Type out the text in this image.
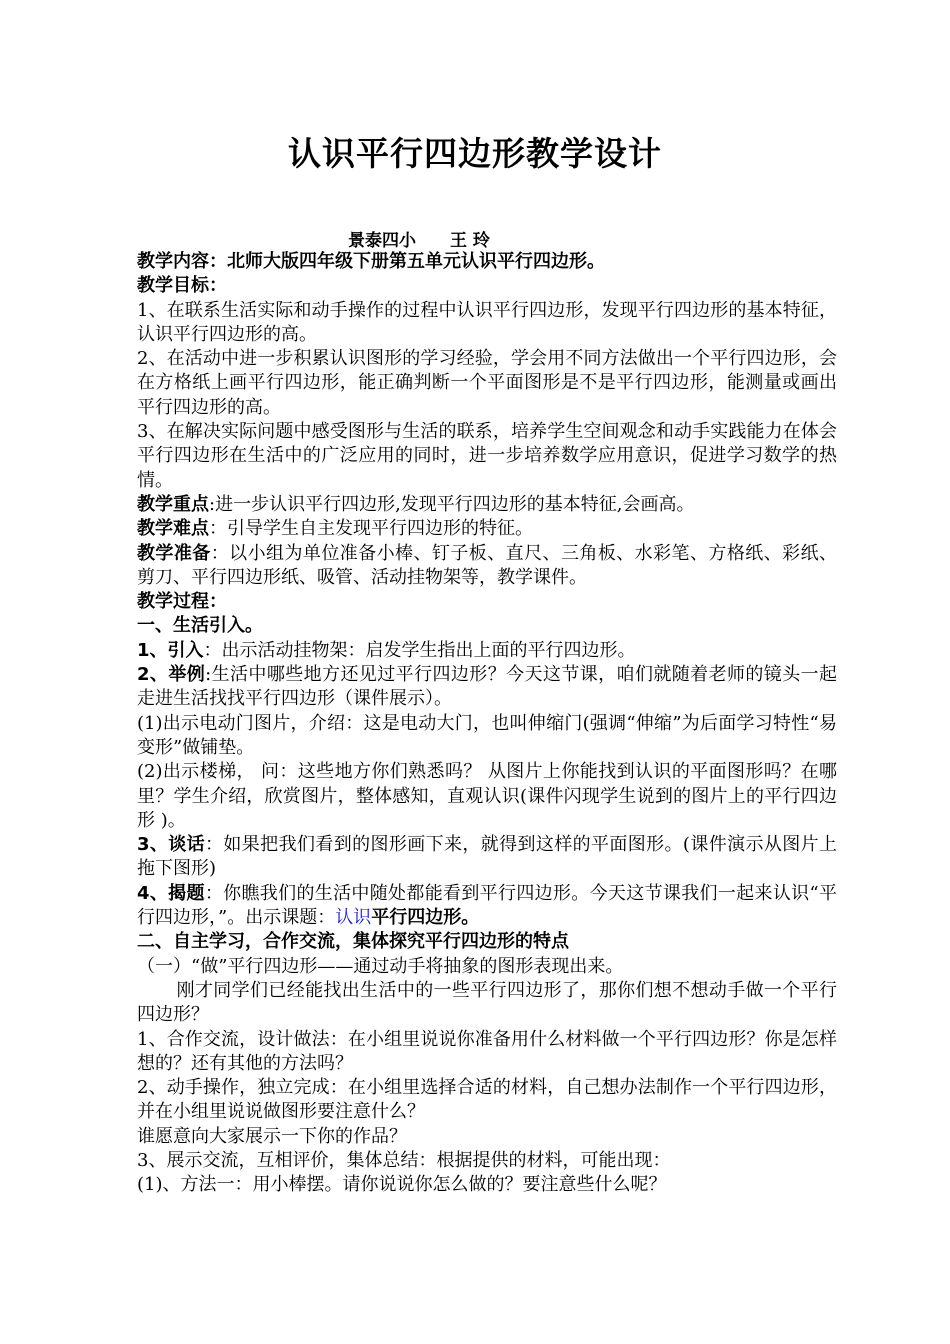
认识平行四边形教学设计
景泰四小 王 玲

教学内容：北师大版四年级下册第五单元认识平行四边形。

教学目标：

1、在联系生活实际和动手操作的过程中认识平行四边形，发现平行四边形的基本特征，认识平行四边形的高。

2、在活动中进一步积累认识图形的学习经验，学会用不同方法做出一个平行四边形，会在方格纸上画平行四边形，能正确判断一个平面图形是不是平行四边形，能测量或画出平行四边形的高。

3、在解决实际问题中感受图形与生活的联系，培养学生空间观念和动手实践能力在体会平行四边形在生活中的广泛应用的同时，进一步培养数学应用意识，促进学习数学的热情。

教学重点:进一步认识平行四边形,发现平行四边形的基本特征,会画高。

教学难点：引导学生自主发现平行四边形的特征。

教学准备：以小组为单位准备小棒、钉子板、直尺、三角板、水彩笔、方格纸、彩纸、剪刀、平行四边形纸、吸管、活动挂物架等，教学课件。

教学过程：

一、生活引入。

1、引入：出示活动挂物架：启发学生指出上面的平行四边形。

2、举例:生活中哪些地方还见过平行四边形？今天这节课，咱们就随着老师的镜头一起走进生活找找平行四边形（课件展示）。

(1)出示电动门图片，介绍：这是电动大门，也叫伸缩门(强调“伸缩”为后面学习特性“易变形”做铺垫。

(2)出示楼梯， 问：这些地方你们熟悉吗？ 从图片上你能找到认识的平面图形吗？在哪里？学生介绍，欣赏图片，整体感知，直观认识(课件闪现学生说到的图片上的平行四边形 )。

3、谈话：如果把我们看到的图形画下来，就得到这样的平面图形。(课件演示从图片上拖下图形)

4、揭题：你瞧我们的生活中随处都能看到平行四边形。今天这节课我们一起来认识“平行四边形，”。出示课题：认识平行四边形。

二、自主学习，合作交流，集体探究平行四边形的特点

（一）“做”平行四边形——通过动手将抽象的图形表现出来。

刚才同学们已经能找出生活中的一些平行四边形了，那你们想不想动手做一个平行四边形？

1、合作交流，设计做法：在小组里说说你准备用什么材料做一个平行四边形？你是怎样想的？还有其他的方法吗？

2、动手操作，独立完成：在小组里选择合适的材料，自己想办法制作一个平行四边形， 并在小组里说说做图形要注意什么？

谁愿意向大家展示一下你的作品？

3、展示交流，互相评价，集体总结：根据提供的材料，可能出现：

(1)、方法一：用小棒摆。请你说说你怎么做的？要注意些什么呢？
